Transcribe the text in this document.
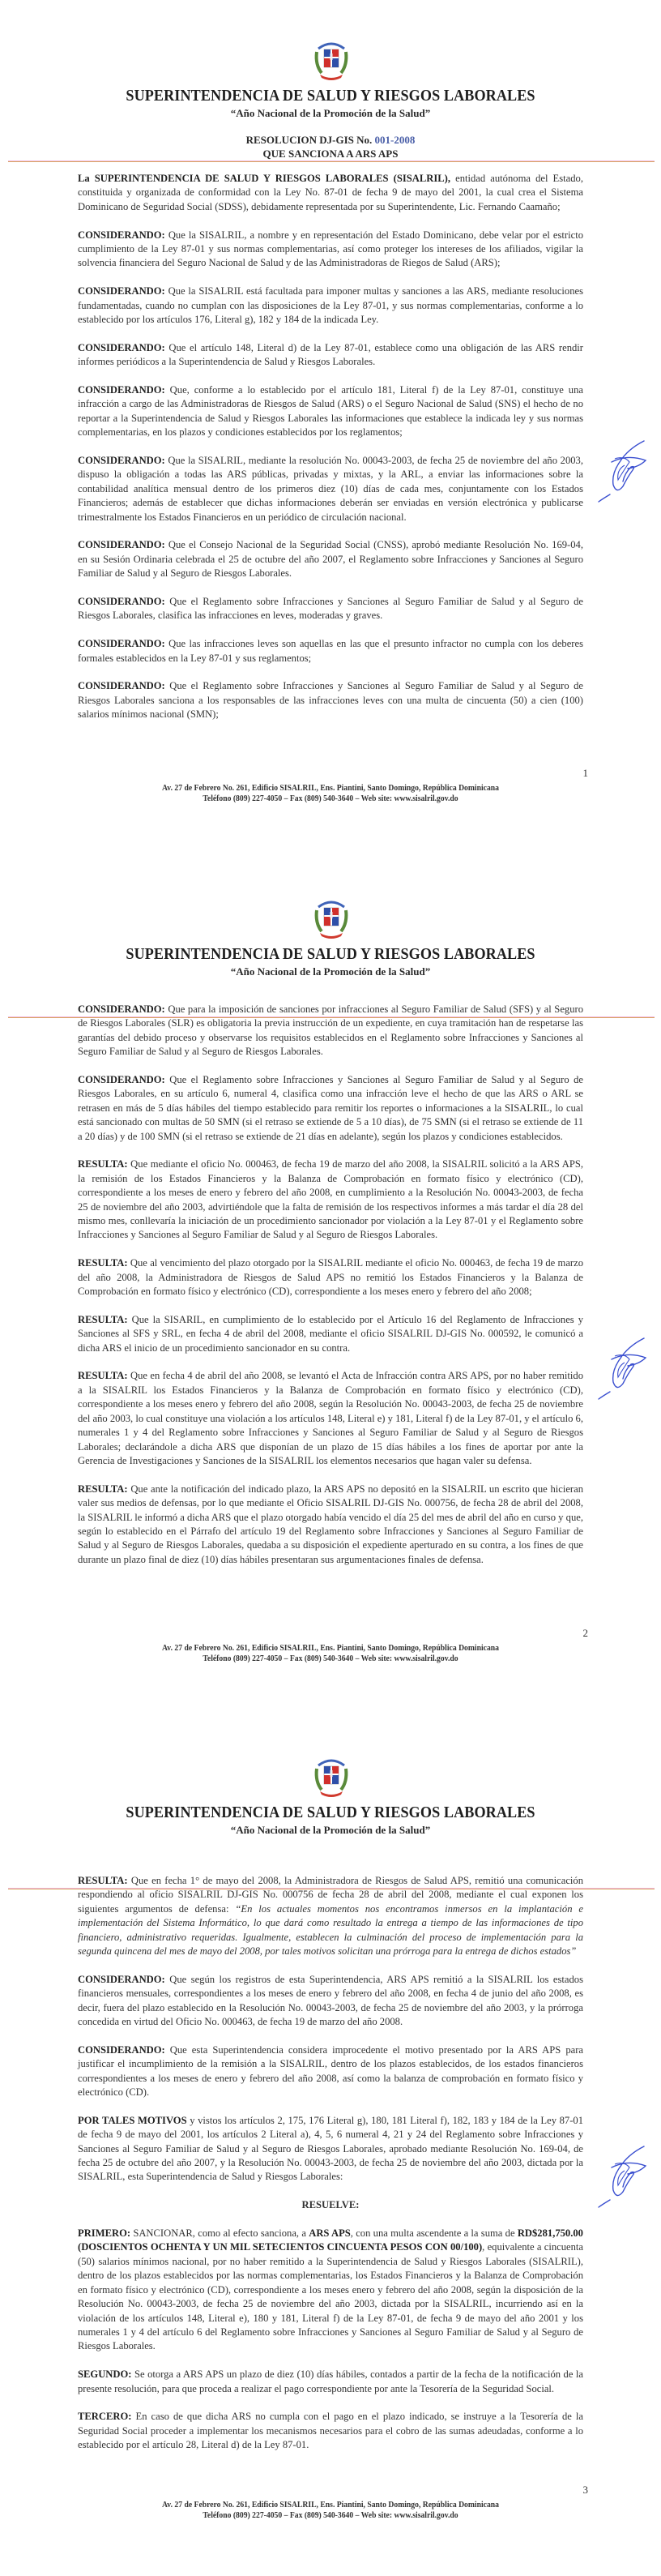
SUPERINTENDENCIA DE SALUD Y RIESGOS LABORALES
“Año Nacional de la Promoción de la Salud”
RESOLUCION DJ-GIS No. 001-2008
QUE SANCIONA A ARS APS

La SUPERINTENDENCIA DE SALUD Y RIESGOS LABORALES (SISALRIL), entidad autónoma del Estado, constituida y organizada de conformidad con la Ley No. 87-01 de fecha 9 de mayo del 2001, la cual crea el Sistema Dominicano de Seguridad Social (SDSS), debidamente representada por su Superintendente, Lic. Fernando Caamaño;

CONSIDERANDO: Que la SISALRIL, a nombre y en representación del Estado Dominicano, debe velar por el estricto cumplimiento de la Ley 87-01 y sus normas complementarias, así como proteger los intereses de los afiliados, vigilar la solvencia financiera del Seguro Nacional de Salud y de las Administradoras de Riegos de Salud (ARS);

CONSIDERANDO: Que la SISALRIL está facultada para imponer multas y sanciones a las ARS, mediante resoluciones fundamentadas, cuando no cumplan con las disposiciones de la Ley 87-01, y sus normas complementarias, conforme a lo establecido por los artículos 176, Literal g), 182 y 184 de la indicada Ley.

CONSIDERANDO: Que el artículo 148, Literal d) de la Ley 87-01, establece como una obligación de las ARS rendir informes periódicos a la Superintendencia de Salud y Riesgos Laborales.

CONSIDERANDO: Que, conforme a lo establecido por el artículo 181, Literal f) de la Ley 87-01, constituye una infracción a cargo de las Administradoras de Riesgos de Salud (ARS) o el Seguro Nacional de Salud (SNS) el hecho de no reportar a la Superintendencia de Salud y Riesgos Laborales las informaciones que establece la indicada ley y sus normas complementarias, en los plazos y condiciones establecidos por los reglamentos;

CONSIDERANDO: Que la SISALRIL, mediante la resolución No. 00043-2003, de fecha 25 de noviembre del año 2003, dispuso la obligación a todas las ARS públicas, privadas y mixtas, y la ARL, a enviar las informaciones sobre la contabilidad analítica mensual dentro de los primeros diez (10) días de cada mes, conjuntamente con los Estados Financieros; además de establecer que dichas informaciones deberán ser enviadas en versión electrónica y publicarse trimestralmente los Estados Financieros en un periódico de circulación nacional.

CONSIDERANDO: Que el Consejo Nacional de la Seguridad Social (CNSS), aprobó mediante Resolución No. 169-04, en su Sesión Ordinaria celebrada el 25 de octubre del año 2007, el Reglamento sobre Infracciones y Sanciones al Seguro Familiar de Salud y al Seguro de Riesgos Laborales.

CONSIDERANDO: Que el Reglamento sobre Infracciones y Sanciones al Seguro Familiar de Salud y al Seguro de Riesgos Laborales, clasifica las infracciones en leves, moderadas y graves.

CONSIDERANDO: Que las infracciones leves son aquellas en las que el presunto infractor no cumpla con los deberes formales establecidos en la Ley 87-01 y sus reglamentos;

CONSIDERANDO: Que el Reglamento sobre Infracciones y Sanciones al Seguro Familiar de Salud y al Seguro de Riesgos Laborales sanciona a los responsables de las infracciones leves con una multa de cincuenta (50) a cien (100) salarios mínimos nacional (SMN);

1
Av. 27 de Febrero No. 261, Edificio SISALRIL, Ens. Piantini, Santo Domingo, República Dominicana
Teléfono (809) 227-4050 – Fax (809) 540-3640 – Web site: www.sisalril.gov.do
SUPERINTENDENCIA DE SALUD Y RIESGOS LABORALES
“Año Nacional de la Promoción de la Salud”

CONSIDERANDO: Que para la imposición de sanciones por infracciones al Seguro Familiar de Salud (SFS) y al Seguro de Riesgos Laborales (SLR) es obligatoria la previa instrucción de un expediente, en cuya tramitación han de respetarse las garantías del debido proceso y observarse los requisitos establecidos en el Reglamento sobre Infracciones y Sanciones al Seguro Familiar de Salud y al Seguro de Riesgos Laborales.

CONSIDERANDO: Que el Reglamento sobre Infracciones y Sanciones al Seguro Familiar de Salud y al Seguro de Riesgos Laborales, en su artículo 6, numeral 4, clasifica como una infracción leve el hecho de que las ARS o ARL se retrasen en más de 5 días hábiles del tiempo establecido para remitir los reportes o informaciones a la SISALRIL, lo cual está sancionado con multas de 50 SMN (si el retraso se extiende de 5 a 10 días), de 75 SMN (si el retraso se extiende de 11 a 20 días) y de 100 SMN (si el retraso se extiende de 21 días en adelante), según los plazos y condiciones establecidos.

RESULTA: Que mediante el oficio No. 000463, de fecha 19 de marzo del año 2008, la SISALRIL solicitó a la ARS APS, la remisión de los Estados Financieros y la Balanza de Comprobación en formato físico y electrónico (CD), correspondiente a los meses de enero y febrero del año 2008, en cumplimiento a la Resolución No. 00043-2003, de fecha 25 de noviembre del año 2003, advirtiéndole que la falta de remisión de los respectivos informes a más tardar el día 28 del mismo mes, conllevaría la iniciación de un procedimiento sancionador por violación a la Ley 87-01 y el Reglamento sobre Infracciones y Sanciones al Seguro Familiar de Salud y al Seguro de Riesgos Laborales.

RESULTA: Que al vencimiento del plazo otorgado por la SISALRIL mediante el oficio No. 000463, de fecha 19 de marzo del año 2008, la Administradora de Riesgos de Salud APS no remitió los Estados Financieros y la Balanza de Comprobación en formato físico y electrónico (CD), correspondiente a los meses enero y febrero del año 2008;

RESULTA: Que la SISARIL, en cumplimiento de lo establecido por el Artículo 16 del Reglamento de Infracciones y Sanciones al SFS y SRL, en fecha 4 de abril del 2008, mediante el oficio SISALRIL DJ-GIS No. 000592, le comunicó a dicha ARS el inicio de un procedimiento sancionador en su contra.

RESULTA: Que en fecha 4 de abril del año 2008, se levantó el Acta de Infracción contra ARS APS, por no haber remitido a la SISALRIL los Estados Financieros y la Balanza de Comprobación en formato físico y electrónico (CD), correspondiente a los meses enero y febrero del año 2008, según la Resolución No. 00043-2003, de fecha 25 de noviembre del año 2003, lo cual constituye una violación a los artículos 148, Literal e) y 181, Literal f) de la Ley 87-01, y el artículo 6, numerales 1 y 4 del Reglamento sobre Infracciones y Sanciones al Seguro Familiar de Salud y al Seguro de Riesgos Laborales; declarándole a dicha ARS que disponían de un plazo de 15 días hábiles a los fines de aportar por ante la Gerencia de Investigaciones y Sanciones de la SISALRIL los elementos necesarios que hagan valer su defensa.

RESULTA: Que ante la notificación del indicado plazo, la ARS APS no depositó en la SISALRIL un escrito que hicieran valer sus medios de defensas, por lo que mediante el Oficio SISALRIL DJ-GIS No. 000756, de fecha 28 de abril del 2008, la SISALRIL le informó a dicha ARS que el plazo otorgado había vencido el día 25 del mes de abril del año en curso y que, según lo establecido en el Párrafo del artículo 19 del Reglamento sobre Infracciones y Sanciones al Seguro Familiar de Salud y al Seguro de Riesgos Laborales, quedaba a su disposición el expediente aperturado en su contra, a los fines de que durante un plazo final de diez (10) días hábiles presentaran sus argumentaciones finales de defensa.

2
Av. 27 de Febrero No. 261, Edificio SISALRIL, Ens. Piantini, Santo Domingo, República Dominicana
Teléfono (809) 227-4050 – Fax (809) 540-3640 – Web site: www.sisalril.gov.do
SUPERINTENDENCIA DE SALUD Y RIESGOS LABORALES
“Año Nacional de la Promoción de la Salud”

RESULTA: Que en fecha 1° de mayo del 2008, la Administradora de Riesgos de Salud APS, remitió una comunicación respondiendo al oficio SISALRIL DJ-GIS No. 000756 de fecha 28 de abril del 2008, mediante el cual exponen los siguientes argumentos de defensa: “En los actuales momentos nos encontramos inmersos en la implantación e implementación del Sistema Informático, lo que dará como resultado la entrega a tiempo de las informaciones de tipo financiero, administrativo requeridas. Igualmente, establecen la culminación del proceso de implementación para la segunda quincena del mes de mayo del 2008, por tales motivos solicitan una prórroga para la entrega de dichos estados”

CONSIDERANDO: Que según los registros de esta Superintendencia, ARS APS remitió a la SISALRIL los estados financieros mensuales, correspondientes a los meses de enero y febrero del año 2008, en fecha 4 de junio del año 2008, es decir, fuera del plazo establecido en la Resolución No. 00043-2003, de fecha 25 de noviembre del año 2003, y la prórroga concedida en virtud del Oficio No. 000463, de fecha 19 de marzo del año 2008.

CONSIDERANDO: Que esta Superintendencia considera improcedente el motivo presentado por la ARS APS para justificar el incumplimiento de la remisión a la SISALRIL, dentro de los plazos establecidos, de los estados financieros correspondientes a los meses de enero y febrero del año 2008, así como la balanza de comprobación en formato físico y electrónico (CD).

POR TALES MOTIVOS y vistos los artículos 2, 175, 176 Literal g), 180, 181 Literal f), 182, 183 y 184 de la Ley 87-01 de fecha 9 de mayo del 2001, los artículos 2 Literal a), 4, 5, 6 numeral 4, 21 y 24 del Reglamento sobre Infracciones y Sanciones al Seguro Familiar de Salud y al Seguro de Riesgos Laborales, aprobado mediante Resolución No. 169-04, de fecha 25 de octubre del año 2007, y la Resolución No. 00043-2003, de fecha 25 de noviembre del año 2003, dictada por la SISALRIL, esta Superintendencia de Salud y Riesgos Laborales:

RESUELVE:

PRIMERO: SANCIONAR, como al efecto sanciona, a ARS APS, con una multa ascendente a la suma de RD$281,750.00 (DOSCIENTOS OCHENTA Y UN MIL SETECIENTOS CINCUENTA PESOS CON 00/100), equivalente a cincuenta (50) salarios mínimos nacional, por no haber remitido a la Superintendencia de Salud y Riesgos Laborales (SISALRIL), dentro de los plazos establecidos por las normas complementarias, los Estados Financieros y la Balanza de Comprobación en formato físico y electrónico (CD), correspondiente a los meses enero y febrero del año 2008, según la disposición de la Resolución No. 00043-2003, de fecha 25 de noviembre del año 2003, dictada por la SISALRIL, incurriendo así en la violación de los artículos 148, Literal e), 180 y 181, Literal f) de la Ley 87-01, de fecha 9 de mayo del año 2001 y los numerales 1 y 4 del artículo 6 del Reglamento sobre Infracciones y Sanciones al Seguro Familiar de Salud y al Seguro de Riesgos Laborales.

SEGUNDO: Se otorga a ARS APS un plazo de diez (10) días hábiles, contados a partir de la fecha de la notificación de la presente resolución, para que proceda a realizar el pago correspondiente por ante la Tesorería de la Seguridad Social.

TERCERO: En caso de que dicha ARS no cumpla con el pago en el plazo indicado, se instruye a la Tesorería de la Seguridad Social proceder a implementar los mecanismos necesarios para el cobro de las sumas adeudadas, conforme a lo establecido por el artículo 28, Literal d) de la Ley 87-01.

3
Av. 27 de Febrero No. 261, Edificio SISALRIL, Ens. Piantini, Santo Domingo, República Dominicana
Teléfono (809) 227-4050 – Fax (809) 540-3640 – Web site: www.sisalril.gov.do
